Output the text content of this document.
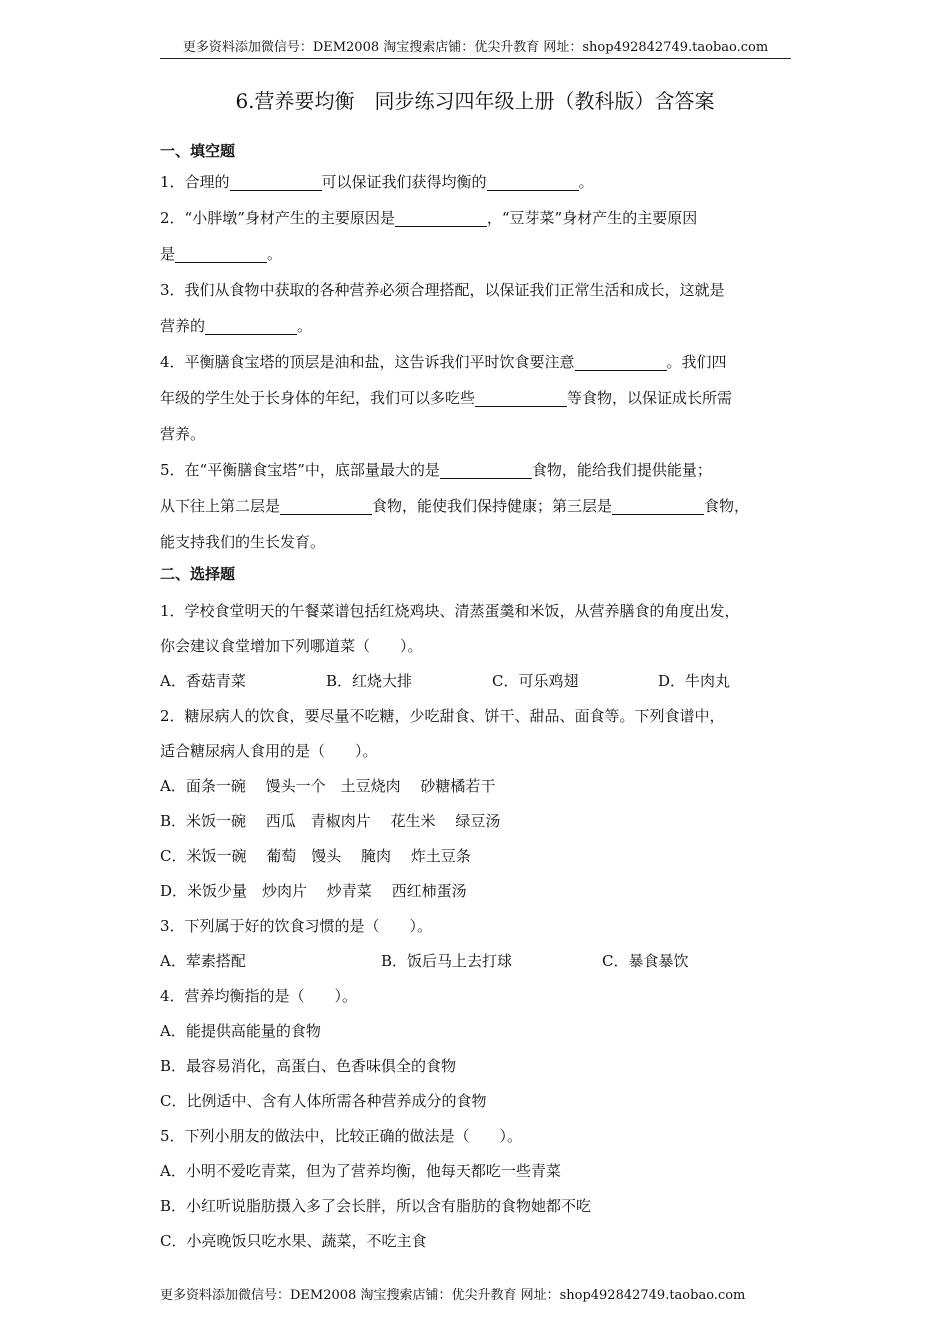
更多资料添加微信号：DEM2008 淘宝搜索店铺：优尖升教育 网址：shop492842749.taobao.com
6.营养要均衡　同步练习四年级上册（教科版）含答案
一、填空题
1．合理的	可以保证我们获得均衡的	。
2．“小胖墩”身材产生的主要原因是	，“豆芽菜”身材产生的主要原因
是	。
3．我们从食物中获取的各种营养必须合理搭配，以保证我们正常生活和成长，这就是
营养的	。
4．平衡膳食宝塔的顶层是油和盐，这告诉我们平时饮食要注意	。我们四
年级的学生处于长身体的年纪，我们可以多吃些	等食物，以保证成长所需
营养。
5．在“平衡膳食宝塔”中，底部量最大的是	食物，能给我们提供能量；
从下往上第二层是	食物，能使我们保持健康；第三层是	食物，
能支持我们的生长发育。
二、选择题
1．学校食堂明天的午餐菜谱包括红烧鸡块、清蒸蛋羹和米饭，从营养膳食的角度出发，
你会建议食堂增加下列哪道菜（　　）。
A．香菇青菜	B．红烧大排	C．可乐鸡翅	D．牛肉丸
2．糖尿病人的饮食，要尽量不吃糖，少吃甜食、饼干、甜品、面食等。下列食谱中，
适合糖尿病人食用的是（　　）。
A．面条一碗　 馒头一个　土豆烧肉　 砂糖橘若干
B．米饭一碗　 西瓜　青椒肉片　 花生米　 绿豆汤
C．米饭一碗　 葡萄　馒头　 腌肉　 炸土豆条
D．米饭少量　炒肉片　 炒青菜　 西红柿蛋汤
3．下列属于好的饮食习惯的是（　　）。
A．荤素搭配	B．饭后马上去打球	C．暴食暴饮
4．营养均衡指的是（　　）。
A．能提供高能量的食物
B．最容易消化，高蛋白、色香味俱全的食物
C．比例适中、含有人体所需各种营养成分的食物
5．下列小朋友的做法中，比较正确的做法是（　　）。
A．小明不爱吃青菜，但为了营养均衡，他每天都吃一些青菜
B．小红听说脂肪摄入多了会长胖，所以含有脂肪的食物她都不吃
C．小亮晚饭只吃水果、蔬菜，不吃主食
更多资料添加微信号：DEM2008 淘宝搜索店铺：优尖升教育 网址：shop492842749.taobao.com
